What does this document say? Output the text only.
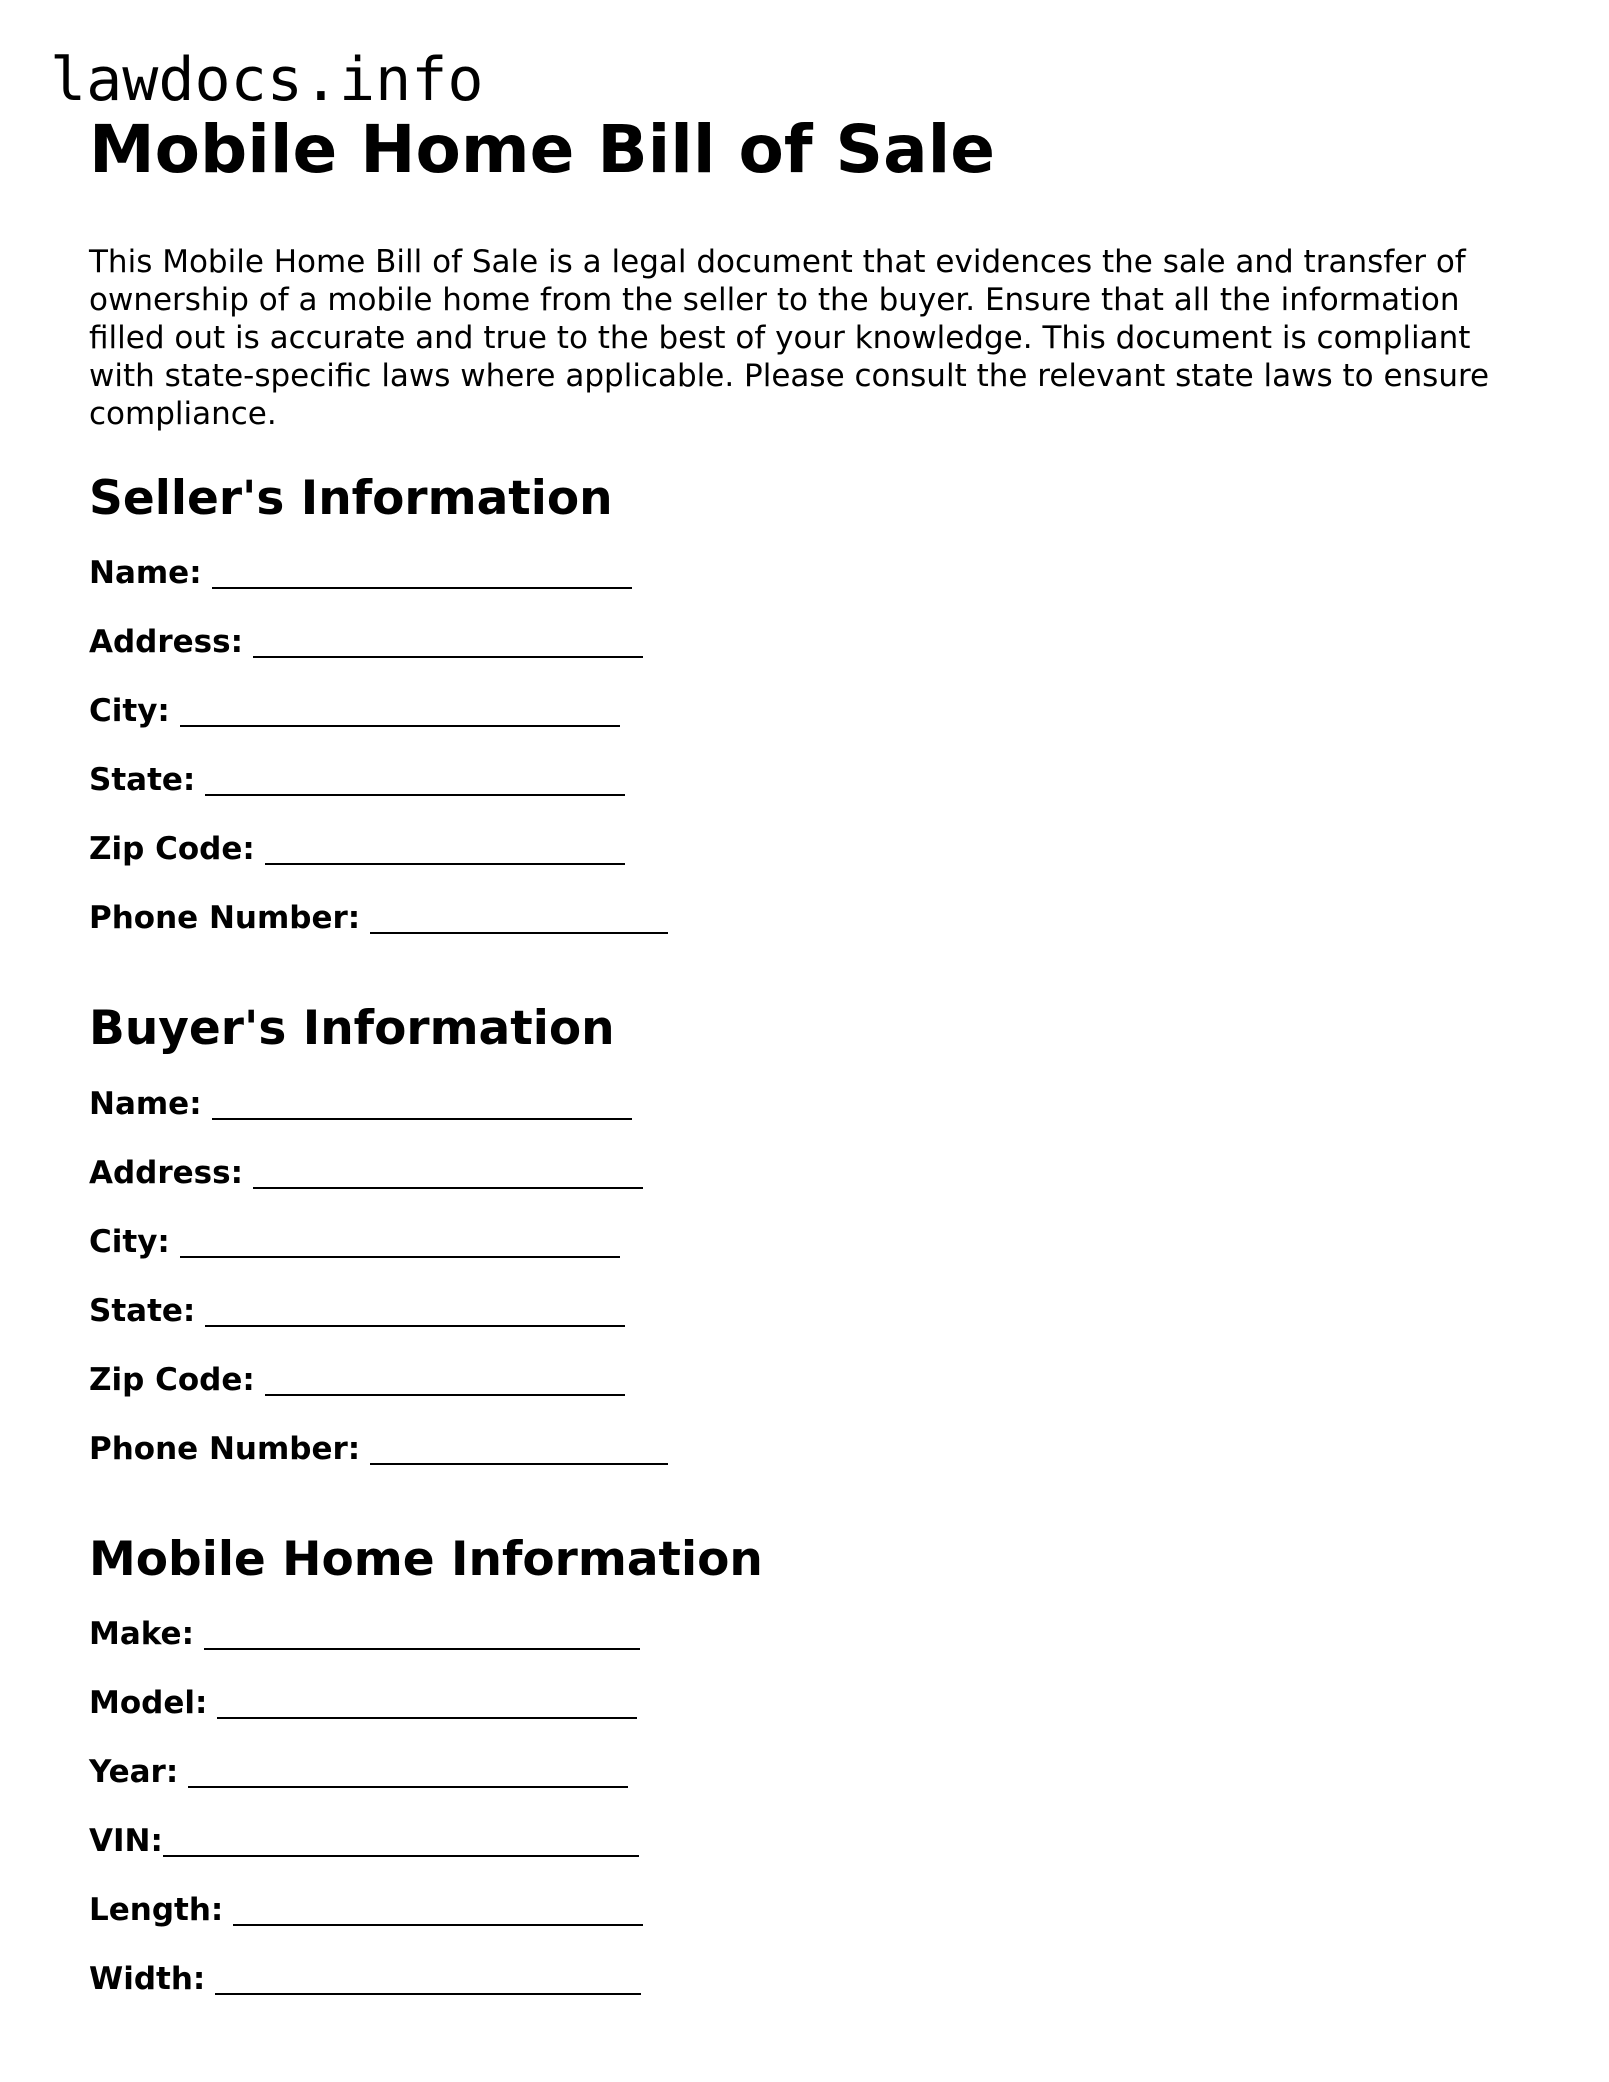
lawdocs.info
Mobile Home Bill of Sale

This Mobile Home Bill of Sale is a legal document that evidences the sale and transfer of ownership of a mobile home from the seller to the buyer. Ensure that all the information filled out is accurate and true to the best of your knowledge. This document is compliant with state-specific laws where applicable. Please consult the relevant state laws to ensure compliance.

Seller's Information
Name:
Address:
City:
State:
Zip Code:
Phone Number:
Buyer's Information
Name:
Address:
City:
State:
Zip Code:
Phone Number:
Mobile Home Information
Make:
Model:
Year:
VIN:
Length:
Width:
